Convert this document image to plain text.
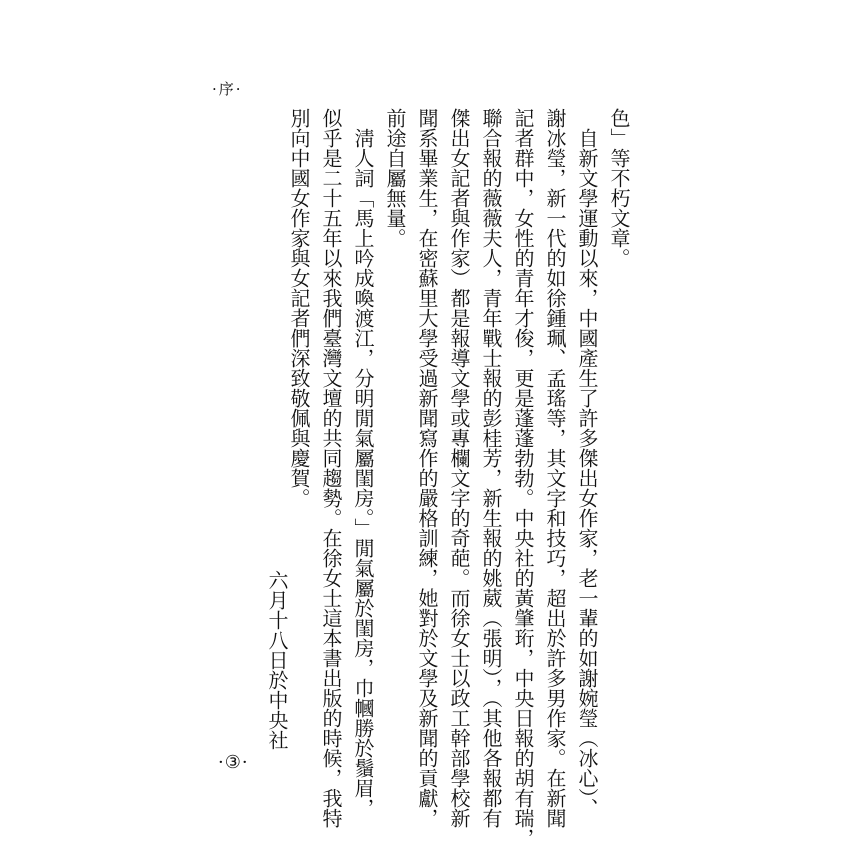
·序·
色」等不朽文章。
　自新文學運動以來，中國產生了許多傑出女作家，老一輩的如謝婉瑩（冰心）、
謝冰瑩，新一代的如徐鍾珮、孟瑤等，其文字和技巧，超出於許多男作家。在新聞
記者群中，女性的青年才俊，更是蓬蓬勃勃。中央社的黃肇珩，中央日報的胡有瑞，
聯合報的薇薇夫人，青年戰士報的彭桂芳，新生報的姚葳（張明），（其他各報都有
傑出女記者與作家）都是報導文學或專欄文字的奇葩。而徐女士以政工幹部學校新
聞系畢業生，在密蘇里大學受過新聞寫作的嚴格訓練，她對於文學及新聞的貢獻，
前途自屬無量。
　淸人詞「馬上吟成喚渡江，分明閒氣屬閨房。」閒氣屬於閨房，巾幗勝於鬚眉，
似乎是二十五年以來我們臺灣文壇的共同趨勢。在徐女士這本書出版的時候，我特
別向中國女作家與女記者們深致敬佩與慶賀。
六月十八日於中央社
·③·
